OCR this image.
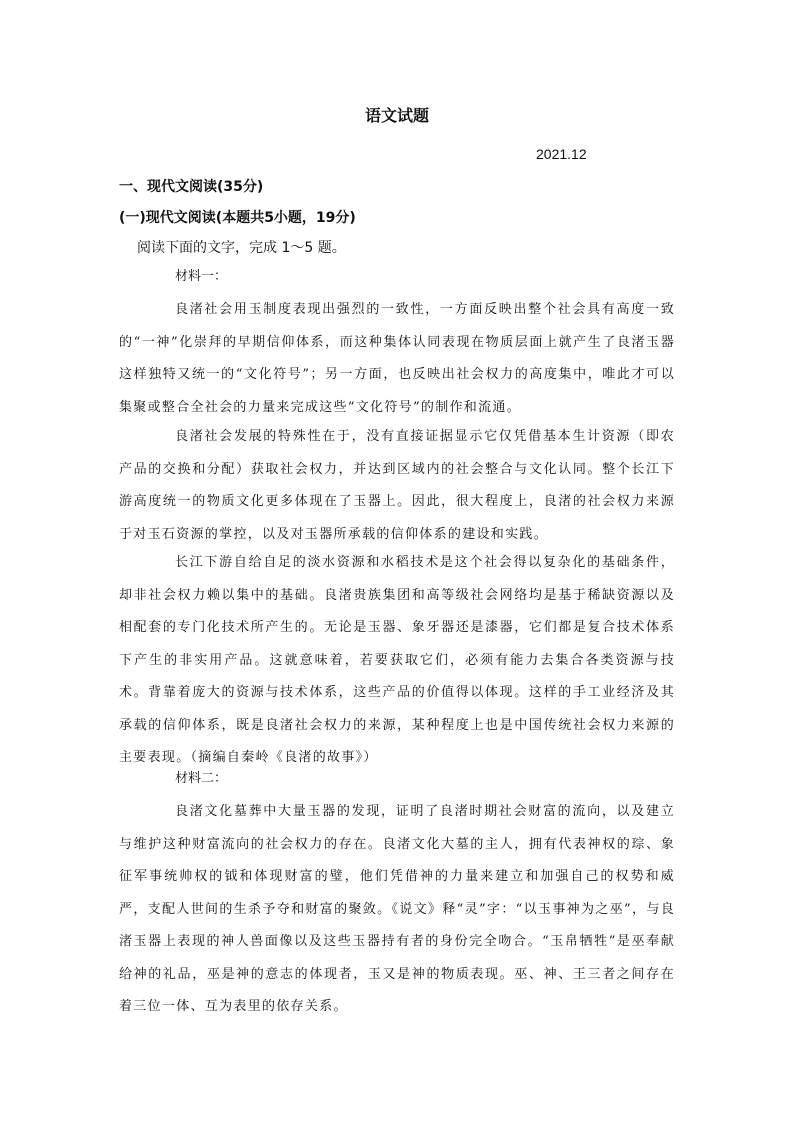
语文试题
2021.12
一、现代文阅读(35分)
(一)现代文阅读(本题共5小题，19分)
阅读下面的文字，完成 1～5 题。
材料一：

良渚社会用玉制度表现出强烈的一致性，一方面反映出整个社会具有高度一致的“一神”化崇拜的早期信仰体系，而这种集体认同表现在物质层面上就产生了良渚玉器这样独特又统一的“文化符号”；另一方面，也反映出社会权力的高度集中，唯此才可以集聚或整合全社会的力量来完成这些“文化符号”的制作和流通。

良渚社会发展的特殊性在于，没有直接证据显示它仅凭借基本生计资源（即农产品的交换和分配）获取社会权力，并达到区域内的社会整合与文化认同。整个长江下游高度统一的物质文化更多体现在了玉器上。因此，很大程度上，良渚的社会权力来源于对玉石资源的掌控，以及对玉器所承载的信仰体系的建设和实践。

长江下游自给自足的淡水资源和水稻技术是这个社会得以复杂化的基础条件，却非社会权力赖以集中的基础。良渚贵族集团和高等级社会网络均是基于稀缺资源以及相配套的专门化技术所产生的。无论是玉器、象牙器还是漆器，它们都是复合技术体系下产生的非实用产品。这就意味着，若要获取它们，必须有能力去集合各类资源与技术。背靠着庞大的资源与技术体系，这些产品的价值得以体现。这样的手工业经济及其承载的信仰体系，既是良渚社会权力的来源，某种程度上也是中国传统社会权力来源的主要表现。（摘编自秦岭《良渚的故事》）

材料二：

良渚文化墓葬中大量玉器的发现，证明了良渚时期社会财富的流向，以及建立与维护这种财富流向的社会权力的存在。良渚文化大墓的主人，拥有代表神权的琮、象征军事统帅权的钺和体现财富的璧，他们凭借神的力量来建立和加强自己的权势和威严，支配人世间的生杀予夺和财富的聚敛。《说文》释“灵”字：“以玉事神为之巫”，与良渚玉器上表现的神人兽面像以及这些玉器持有者的身份完全吻合。“玉帛牺牲”是巫奉献给神的礼品，巫是神的意志的体现者，玉又是神的物质表现。巫、神、王三者之间存在着三位一体、互为表里的依存关系。
